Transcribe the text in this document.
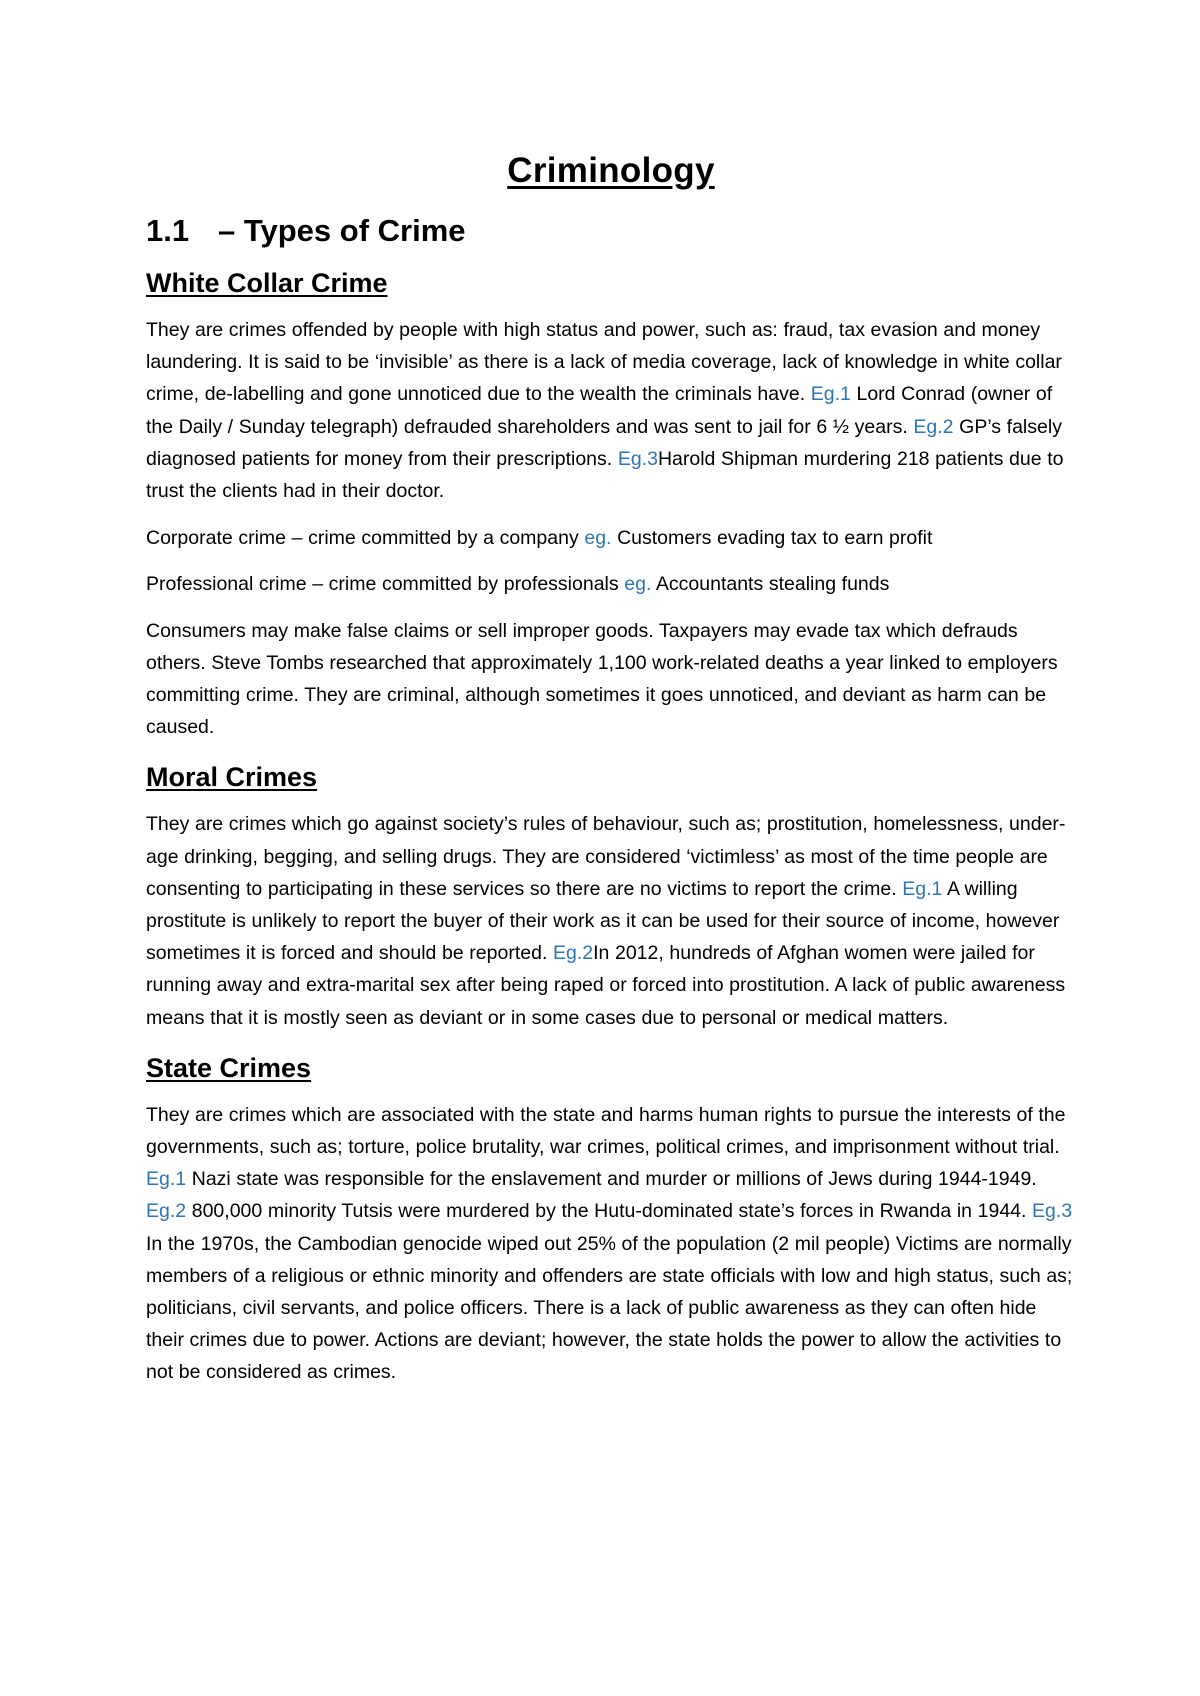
Criminology
1.1 – Types of Crime
White Collar Crime

They are crimes offended by people with high status and power, such as: fraud, tax evasion and money laundering. It is said to be ‘invisible’ as there is a lack of media coverage, lack of knowledge in white collar crime, de-labelling and gone unnoticed due to the wealth the criminals have. Eg.1 Lord Conrad (owner of the Daily / Sunday telegraph) defrauded shareholders and was sent to jail for 6 ½ years. Eg.2 GP’s falsely diagnosed patients for money from their prescriptions. Eg.3Harold Shipman murdering 218 patients due to trust the clients had in their doctor.

Corporate crime – crime committed by a company eg. Customers evading tax to earn profit

Professional crime – crime committed by professionals eg. Accountants stealing funds

Consumers may make false claims or sell improper goods. Taxpayers may evade tax which defrauds others. Steve Tombs researched that approximately 1,100 work-related deaths a year linked to employers committing crime. They are criminal, although sometimes it goes unnoticed, and deviant as harm can be caused.

Moral Crimes

They are crimes which go against society’s rules of behaviour, such as; prostitution, homelessness, under-age drinking, begging, and selling drugs. They are considered ‘victimless’ as most of the time people are consenting to participating in these services so there are no victims to report the crime. Eg.1 A willing prostitute is unlikely to report the buyer of their work as it can be used for their source of income, however sometimes it is forced and should be reported. Eg.2In 2012, hundreds of Afghan women were jailed for running away and extra-marital sex after being raped or forced into prostitution. A lack of public awareness means that it is mostly seen as deviant or in some cases due to personal or medical matters.

State Crimes

They are crimes which are associated with the state and harms human rights to pursue the interests of the governments, such as; torture, police brutality, war crimes, political crimes, and imprisonment without trial. Eg.1 Nazi state was responsible for the enslavement and murder or millions of Jews during 1944-1949. Eg.2 800,000 minority Tutsis were murdered by the Hutu-dominated state’s forces in Rwanda in 1944. Eg.3 In the 1970s, the Cambodian genocide wiped out 25% of the population (2 mil people) Victims are normally members of a religious or ethnic minority and offenders are state officials with low and high status, such as; politicians, civil servants, and police officers. There is a lack of public awareness as they can often hide their crimes due to power. Actions are deviant; however, the state holds the power to allow the activities to not be considered as crimes.
